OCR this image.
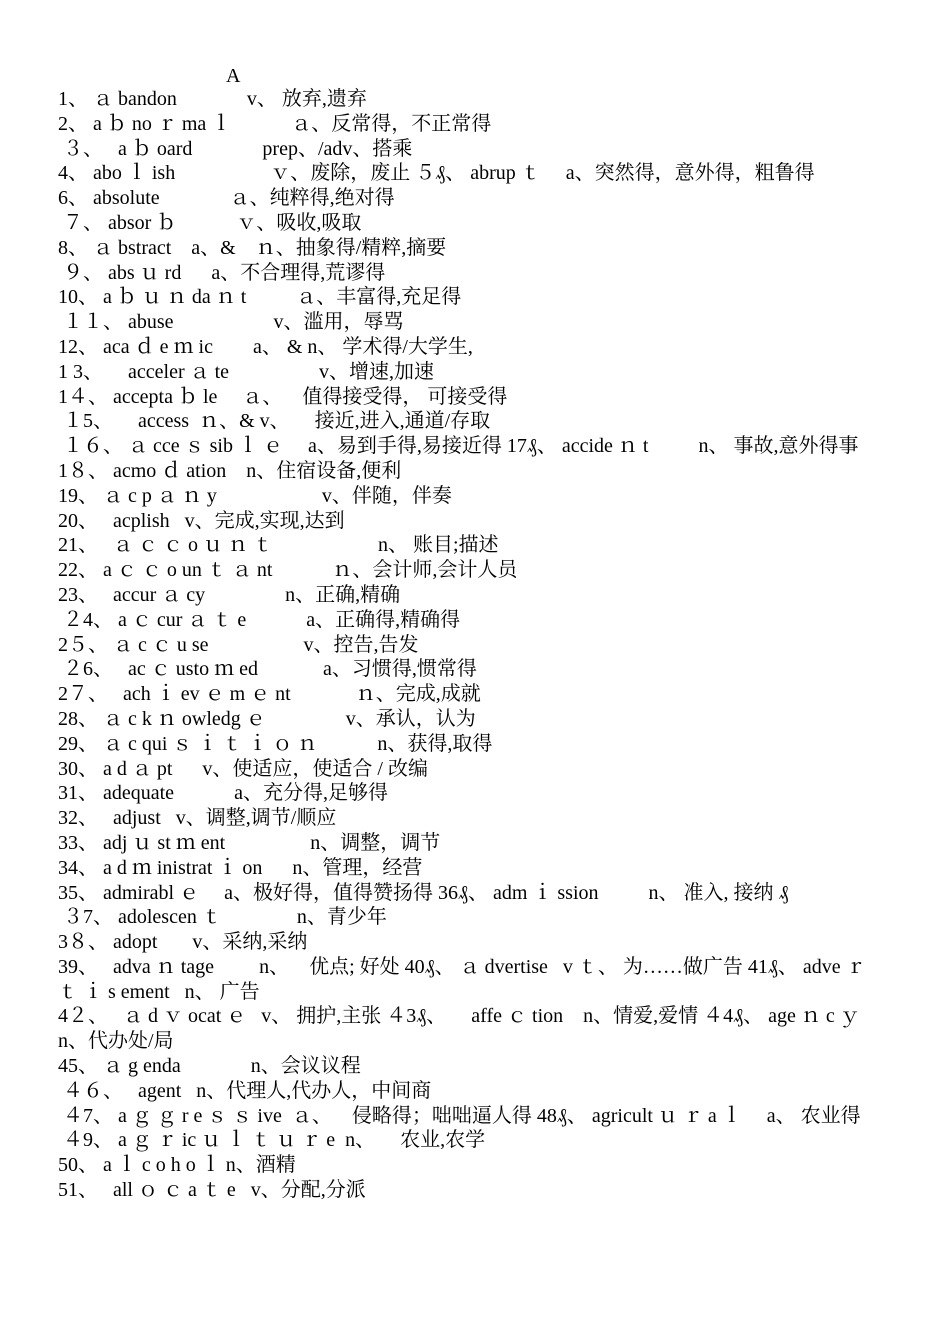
A
1、 ａ bandon              v、 放弃,遗弃
2、 a ｂ no ｒ ma ｌ            ａ、反常得，不正常得
３、   a ｂ oard              prep、/adv、搭乘
4、 abo ｌ ish                   ｖ、废除，废止 ５₰、 abrup ｔ     a、突然得，意外得，粗鲁得
6、 absolute              ａ、纯粹得,绝对得
７、 absor ｂ            ｖ、吸收,吸取
8、 ａ bstract    a、&    ｎ、抽象得/精粹,摘要
９、 abs ｕ rd      a、不合理得,荒谬得
10、 a ｂ ｕ ｎ da ｎ t          ａ、丰富得,充足得
１１、 abuse                    v、滥用，辱骂
12、 aca ｄ e ｍ ic        a、 & n、 学术得/大学生,
1 3、     acceler ａ te                  v、增速,加速
1４、 accepta ｂ le     ａ、    值得接受得， 可接受得
１5、     access  ｎ、& v、     接近,进入,通道/存取
１６、 ａ cce ｓ sib ｌ ｅ     a、易到手得,易接近得 17₰、 accide ｎ t          n、 事故,意外得事
1８、 acmo ｄ ation    n、住宿设备,便利
19、 ａ c p ａ ｎ y                     v、伴随，伴奏
20、   acplish   v、完成,实现,达到
21、   ａ ｃ ｃ o ｕ ｎ ｔ                     n、 账目;描述
22、 a ｃ ｃ o un ｔ ａ nt            ｎ、会计师,会计人员
23、   accur ａ cy                n、正确,精确
２4、 a ｃ cur ａ ｔ e            a、正确得,精确得
2５、 ａ c ｃ u se                   v、控告,告发
２6、   ac ｃ usto ｍ ed             a、习惯得,惯常得
2７、   ach ｉ ev ｅ m ｅ nt             ｎ、完成,成就
28、 ａ c k ｎ owledg ｅ                v、承认，认为
29、 ａ c qui ｓ ｉ ｔ ｉ ｏ ｎ            n、获得,取得
30、 a d ａ pt      v、使适应，使适合 / 改编
31、 adequate            a、充分得,足够得
32、   adjust   v、调整,调节/顺应
33、 adj ｕ st ｍ ent                 n、调整，调节
34、 a d ｍ inistrat ｉ on      n、管理，经营
35、 admirabl ｅ     a、极好得，值得赞扬得 36₰、 adm ｉ ssion          n、 准入, 接纳 ₰
３7、 adolescen ｔ               n、青少年
3８、 adopt       v、采纳,采纳
39、   adva ｎ tage         n、    优点; 好处 40₰、 ａ dvertise   v ｔ、 为……做广告 41₰、 adve ｒ ｔ ｉ s ement   n、 广告
4２、   ａ d ｖ ocat ｅ   v、 拥护,主张 ４3₰、     affe ｃ tion    n、情爱,爱情 ４4₰、 age ｎ c ｙ          n、代办处/局
45、 ａ g enda              n、会议议程
４６、   agent   n、代理人,代办人，中间商
４7、 a ｇ ｇ r e ｓ ｓ ive  ａ、    侵略得；咄咄逼人得 48₰、 agricult ｕ ｒ a ｌ     a、 农业得
４9、 a ｇ ｒ ic ｕ ｌ ｔ ｕ ｒ e  n、     农业,农学
50、 a ｌ c o h o ｌ n、酒精
51、   all ｏ ｃ a ｔ e   v、分配,分派
